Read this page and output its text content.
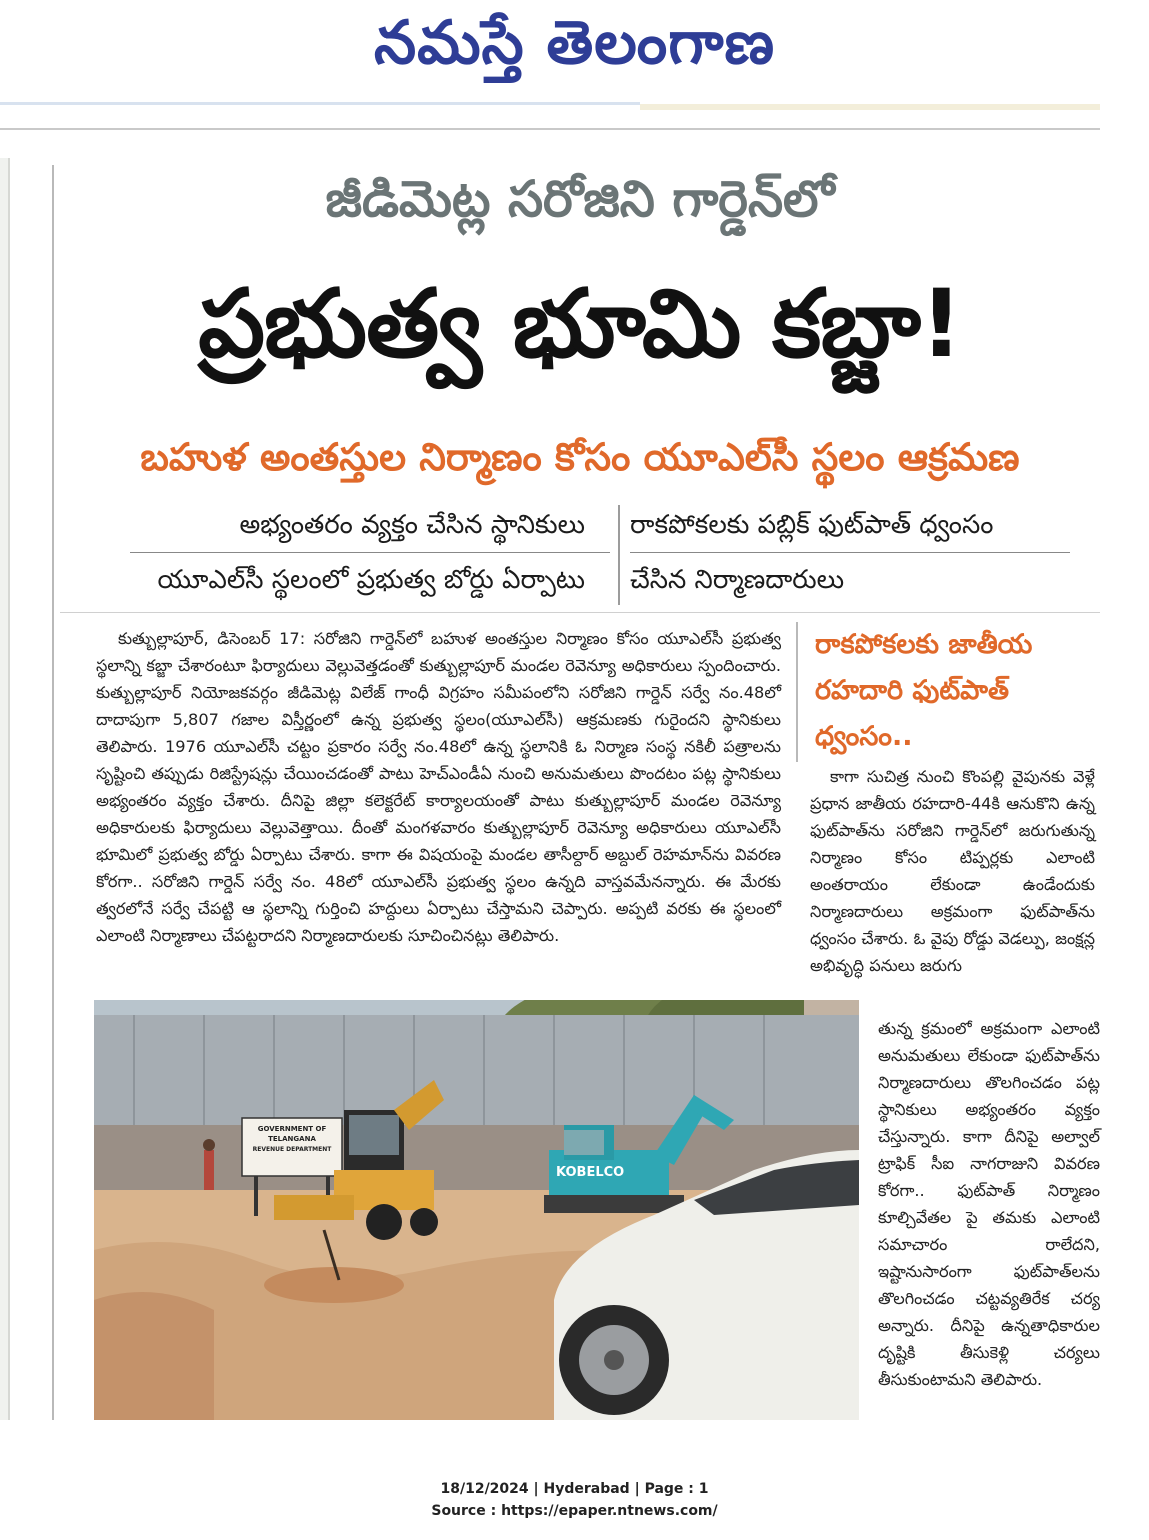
నమస్తే తెలంగాణ
జీడిమెట్ల సరోజిని గార్డెన్‌లో
ప్రభుత్వ భూమి కబ్జా!
బహుళ అంతస్తుల నిర్మాణం కోసం యూఎల్‌సీ స్థలం ఆక్రమణ
అభ్యంతరం వ్యక్తం చేసిన స్థానికులు
యూఎల్‌సీ స్థలంలో ప్రభుత్వ బోర్డు ఏర్పాటు
రాకపోకలకు పబ్లిక్ ఫుట్‌పాత్ ధ్వంసం
చేసిన నిర్మాణదారులు

కుత్బుల్లాపూర్, డిసెంబర్ 17: సరోజిని గార్డెన్‌లో బహుళ అంతస్తుల నిర్మాణం కోసం యూఎల్‌సీ ప్రభుత్వ స్థలాన్ని కబ్జా చేశారంటూ ఫిర్యాదులు వెల్లువెత్తడంతో కుత్బుల్లాపూర్ మండల రెవెన్యూ అధికారులు స్పందించారు. కుత్బుల్లాపూర్ నియోజకవర్గం జీడిమెట్ల విలేజ్ గాంధీ విగ్రహం సమీపంలోని సరోజిని గార్డెన్ సర్వే నం.48లో దాదాపుగా 5,807 గజాల విస్తీర్ణంలో ఉన్న ప్రభుత్వ స్థలం(యూఎల్‌సీ) ఆక్రమణకు గురైందని స్థానికులు తెలిపారు. 1976 యూఎల్‌సీ చట్టం ప్రకారం సర్వే నం.48లో ఉన్న స్థలానికి ఓ నిర్మాణ సంస్థ నకిలీ పత్రాలను సృష్టించి తప్పుడు రిజిస్ట్రేషన్లు చేయించడంతో పాటు హెచ్ఎండీఏ నుంచి అనుమతులు పొందటం పట్ల స్థానికులు అభ్యంతరం వ్యక్తం చేశారు. దీనిపై జిల్లా కలెక్టరేట్ కార్యాలయంతో పాటు కుత్బుల్లాపూర్ మండల రెవెన్యూ అధికారులకు ఫిర్యాదులు వెల్లువెత్తాయి. దీంతో మంగళవారం కుత్బుల్లాపూర్ రెవెన్యూ అధికారులు యూఎల్‌సీ భూమిలో ప్రభుత్వ బోర్డు ఏర్పాటు చేశారు. కాగా ఈ విషయంపై మండల తాసీల్దార్ అబ్దుల్ రెహమాన్‌ను వివరణ కోరగా.. సరోజిని గార్డెన్ సర్వే నం. 48లో యూఎల్‌సీ ప్రభుత్వ స్థలం ఉన్నది వాస్తవమేనన్నారు. ఈ మేరకు త్వరలోనే సర్వే చేపట్టి ఆ స్థలాన్ని గుర్తించి హద్దులు ఏర్పాటు చేస్తామని చెప్పారు. అప్పటి వరకు ఈ స్థలంలో ఎలాంటి నిర్మాణాలు చేపట్టరాదని నిర్మాణదారులకు సూచించినట్లు తెలిపారు.

రాకపోకలకు జాతీయ
రహదారి ఫుట్‌పాత్
ధ్వంసం..

కాగా సుచిత్ర నుంచి కొంపల్లి వైపునకు వెళ్లే ప్రధాన జాతీయ రహదారి-44కి ఆనుకొని ఉన్న ఫుట్‌పాత్‌ను సరోజిని గార్డెన్‌లో జరుగుతున్న నిర్మాణం కోసం టిప్పర్లకు ఎలాంటి అంతరాయం లేకుండా ఉండేందుకు నిర్మాణదారులు అక్రమంగా ఫుట్‌పాత్‌ను ధ్వంసం చేశారు. ఓ వైపు రోడ్డు వెడల్పు, జంక్షన్ల అభివృద్ధి పనులు జరుగు

తున్న క్రమంలో అక్రమంగా ఎలాంటి అనుమతులు లేకుండా ఫుట్‌పాత్‌ను నిర్మాణదారులు తొలగించడం పట్ల స్థానికులు అభ్యంతరం వ్యక్తం చేస్తున్నారు. కాగా దీనిపై అల్వాల్ ట్రాఫిక్ సీఐ నాగరాజుని వివరణ కోరగా.. ఫుట్‌పాత్ నిర్మాణం కూల్చివేతల పై తమకు ఎలాంటి సమాచారం రాలేదని, ఇష్టానుసారంగా ఫుట్‌పాత్‌లను తొలగించడం చట్టవ్యతిరేక చర్య అన్నారు. దీనిపై ఉన్నతాధికారుల దృష్టికి తీసుకెళ్లి చర్యలు తీసుకుంటామని తెలిపారు.

GOVERNMENT OF
TELANGANA
REVENUE DEPARTMENT
KOBELCO
18/12/2024 | Hyderabad | Page : 1
Source : https://epaper.ntnews.com/
